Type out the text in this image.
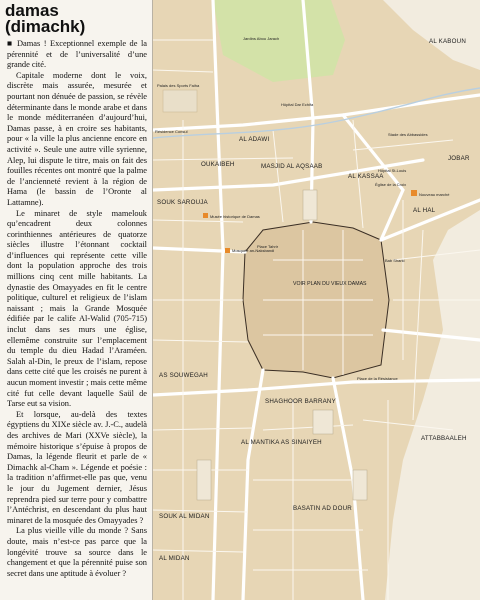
damas
(dimachk)

■ Damas ! Exceptionnel exemple de la pérennité et de l’universalité d’une grande cité.

Capitale moderne dont le voix, discrète mais assurée, mesurée et pourtant non dénuée de passion, se révèle déterminante dans le monde arabe et dans le monde méditerranéen d’aujourd’hui, Damas passe, à en croire ses habitants, pour « la ville la plus ancienne encore en activité ». Seule une autre ville syrienne, Alep, lui dispute le titre, mais on fait des fouilles récentes ont montré que la palme de l’ancienneté revient à la région de Hama (le bassin de l’Oronte al Lattamne).

Le minaret de style mamelouk qu’encadrent deux colonnes corinthiennes antérieures de quatorze siècles illustre l’étonnant cocktail d’influences qui représente cette ville dont la population approche des trois millions cinq cent mille habitants. La dynastie des Omayyades en fit le centre politique, culturel et religieux de l’islam naissant ; mais la Grande Mosquée édifiée par le calife Al-Walid (705-715) inclut dans ses murs une église, ellemême construite sur l’emplacement du temple du dieu Hadad l’Araméen. Salah al-Din, le preux de l’islam, repose dans cette cité que les croisés ne purent à aucun moment investir ; mais cette même cité fut celle devant laquelle Saül de Tarse eut sa vision.

Et lorsque, au-delà des textes égyptiens du XIXe siècle av. J.-C., audelà des archives de Mari (XXVe siècle), la mémoire historique s’épuise à propos de Damas, la légende fleurit et parle de « Dimachk al-Cham ». Légende et poésie : la tradition n’affirmet-elle pas que, venu le jour du Jugement dernier, Jésus reprendra pied sur terre pour y combattre l’Antéchrist, en descendant du plus haut minaret de la mosquée des Omayyades ?

La plus vieille ville du monde ? Sans doute, mais n’est-ce pas parce que la longévité trouve sa source dans le changement et que la pérennité puise son secret dans une aptitude à évoluer ?

AL KABOUN
AL ADAWI
MASJID AL AQSAAB
JOBAR
AL KASSAA
AL HAL
SOUK SAROUJA
OUKAIBEH
AS SOUWEGAH
SHAGHOOR BARRANY
AL MANTIKA AS SINAIYEH
ATTABBAALEH
SOUK AL MIDAN
BASATIN AD DOUR
AL MIDAN
VOIR PLAN DU VIEUX DAMAS
Jardins Abou Jarach
Palais des Sports Faiha
Hôpital Dar Echifa
Résidence Consul
Stade des Abbassides
Hôpital St-Louis
Église de la Croix
Nouveau marché
Musée historique de Damas
Mosquée an-Naksbandi
Place Tahrir
Place de la Résistance
Bab Sharki
